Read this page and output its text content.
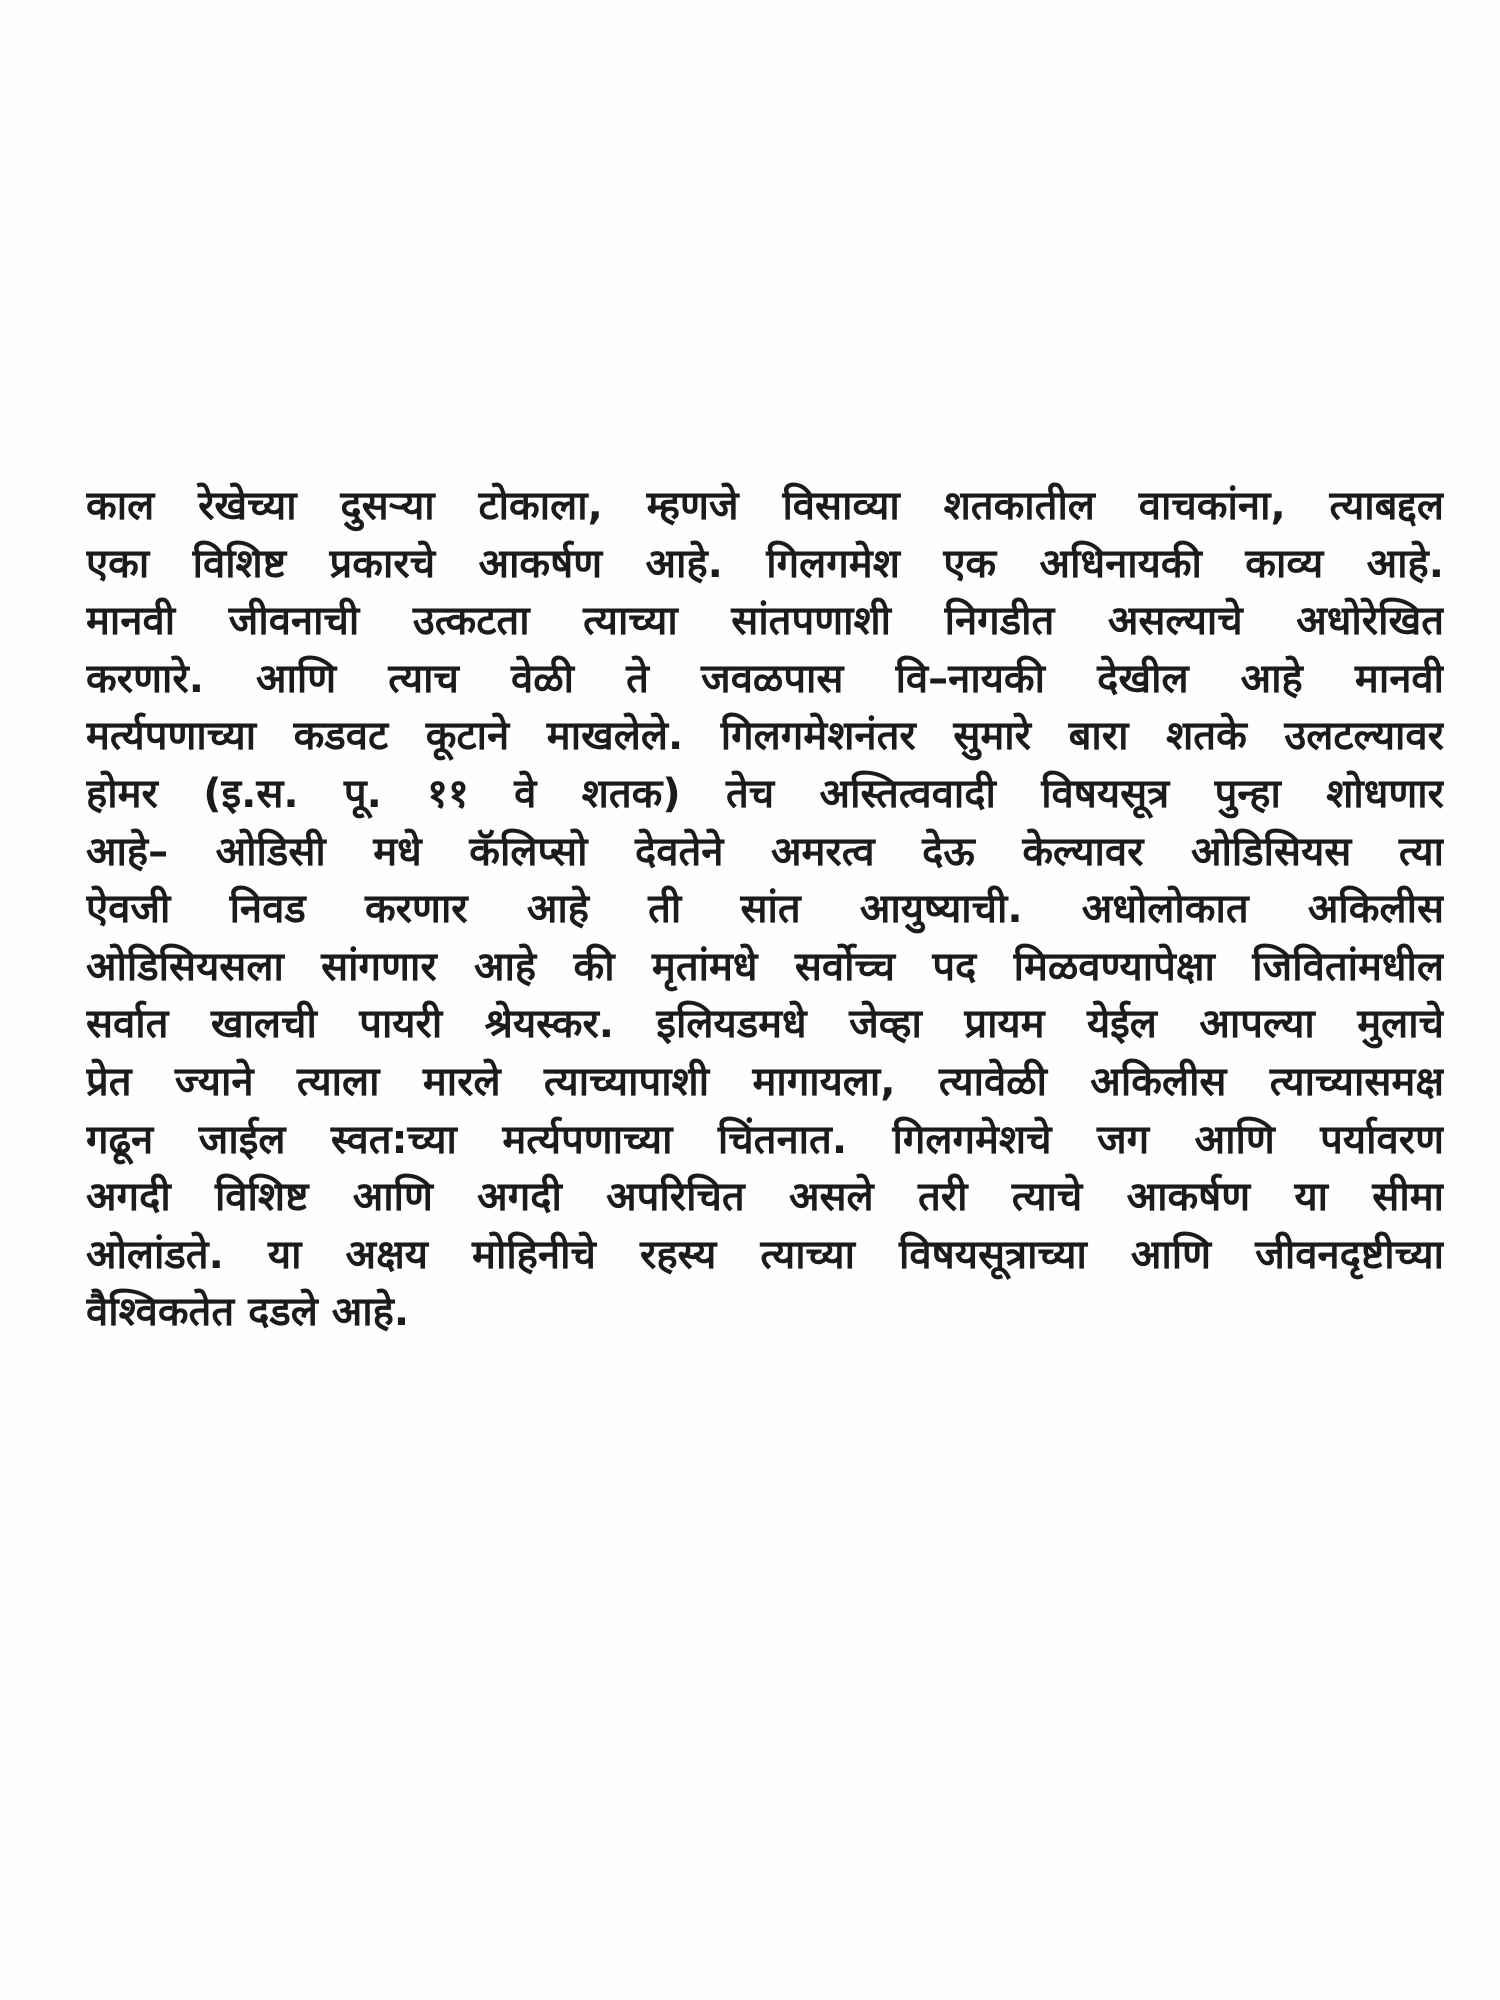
काल रेखेच्या दुसऱ्या टोकाला, म्हणजे विसाव्या शतकातील वाचकांना, त्याबद्दल
एका विशिष्ट प्रकारचे आकर्षण आहे. गिलगमेश एक अधिनायकी काव्य आहे.
मानवी जीवनाची उत्कटता त्याच्या सांतपणाशी निगडीत असल्याचे अधोरेखित
करणारे. आणि त्याच वेळी ते जवळपास वि–नायकी देखील आहे मानवी
मर्त्यपणाच्या कडवट कूटाने माखलेले. गिलगमेशनंतर सुमारे बारा शतके उलटल्यावर
होमर (इ.स. पू. ११ वे शतक) तेच अस्तित्ववादी विषयसूत्र पुन्हा शोधणार
आहे– ओडिसी मधे कॅलिप्सो देवतेने अमरत्व देऊ केल्यावर ओडिसियस त्या
ऐवजी निवड करणार आहे ती सांत आयुष्याची. अधोलोकात अकिलीस
ओडिसियसला सांगणार आहे की मृतांमधे सर्वोच्च पद मिळवण्यापेक्षा जिवितांमधील
सर्वात खालची पायरी श्रेयस्कर. इलियडमधे जेव्हा प्रायम येईल आपल्या मुलाचे
प्रेत ज्याने त्याला मारले त्याच्यापाशी मागायला, त्यावेळी अकिलीस त्याच्यासमक्ष
गढून जाईल स्वत:च्या मर्त्यपणाच्या चिंतनात. गिलगमेशचे जग आणि पर्यावरण
अगदी विशिष्ट आणि अगदी अपरिचित असले तरी त्याचे आकर्षण या सीमा
ओलांडते. या अक्षय मोहिनीचे रहस्य त्याच्या विषयसूत्राच्या आणि जीवनदृष्टीच्या
वैश्विकतेत दडले आहे.
